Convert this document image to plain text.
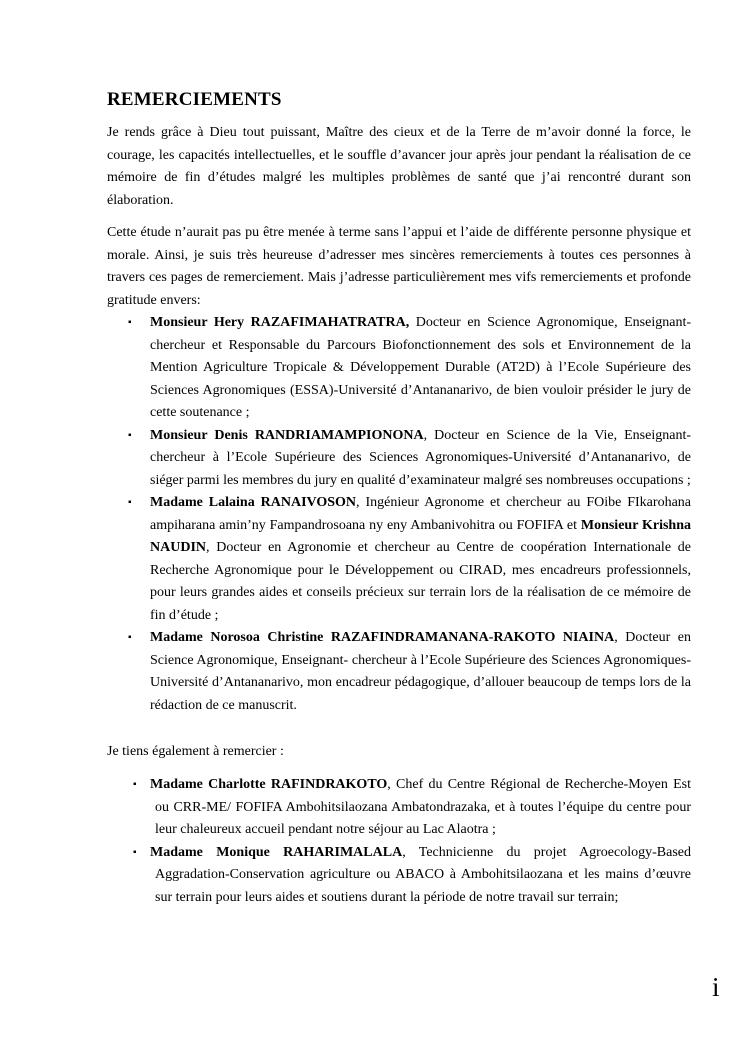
REMERCIEMENTS

Je rends grâce à Dieu tout puissant, Maître des cieux et de la Terre de m’avoir donné la force, le courage, les capacités intellectuelles, et le souffle d’avancer jour après jour pendant la réalisation de ce mémoire de fin d’études malgré les multiples problèmes de santé que j’ai rencontré durant son élaboration.

Cette étude n’aurait pas pu être menée à terme sans l’appui et l’aide de différente personne physique et morale. Ainsi, je suis très heureuse d’adresser mes sincères remerciements à toutes ces personnes à travers ces pages de remerciement. Mais j’adresse particulièrement mes vifs remerciements et profonde gratitude envers:

▪ Monsieur Hery RAZAFIMAHATRATRA, Docteur en Science Agronomique, Enseignant- chercheur et Responsable du Parcours Biofonctionnement des sols et Environnement de la Mention Agriculture Tropicale & Développement Durable (AT2D) à l’Ecole Supérieure des Sciences Agronomiques (ESSA)-Université d’Antananarivo, de bien vouloir présider le jury de cette soutenance ;
▪ Monsieur Denis RANDRIAMAMPIONONA, Docteur en Science de la Vie, Enseignant-chercheur à l’Ecole Supérieure des Sciences Agronomiques-Université d’Antananarivo, de siéger parmi les membres du jury en qualité d’examinateur malgré ses nombreuses occupations ;
▪ Madame Lalaina RANAIVOSON, Ingénieur Agronome et chercheur au FOibe FIkarohana ampiharana amin’ny Fampandrosoana ny eny Ambanivohitra ou FOFIFA et Monsieur Krishna NAUDIN, Docteur en Agronomie et chercheur au Centre de coopération Internationale de Recherche Agronomique pour le Développement ou CIRAD, mes encadreurs professionnels, pour leurs grandes aides et conseils précieux sur terrain lors de la réalisation de ce mémoire de fin d’étude ;
▪ Madame Norosoa Christine RAZAFINDRAMANANA-RAKOTO NIAINA, Docteur en Science Agronomique, Enseignant- chercheur à l’Ecole Supérieure des Sciences Agronomiques-Université d’Antananarivo, mon encadreur pédagogique, d’allouer beaucoup de temps lors de la rédaction de ce manuscrit.

Je tiens également à remercier :

▪ Madame Charlotte RAFINDRAKOTO, Chef du Centre Régional de Recherche-Moyen Est ou CRR-ME/ FOFIFA Ambohitsilaozana Ambatondrazaka, et à toutes l’équipe du centre pour leur chaleureux accueil pendant notre séjour au Lac Alaotra ;
▪ Madame Monique RAHARIMALALA, Technicienne du projet Agroecology-Based Aggradation-Conservation agriculture ou ABACO à Ambohitsilaozana et les mains d’œuvre sur terrain pour leurs aides et soutiens durant la période de notre travail sur terrain;
i
